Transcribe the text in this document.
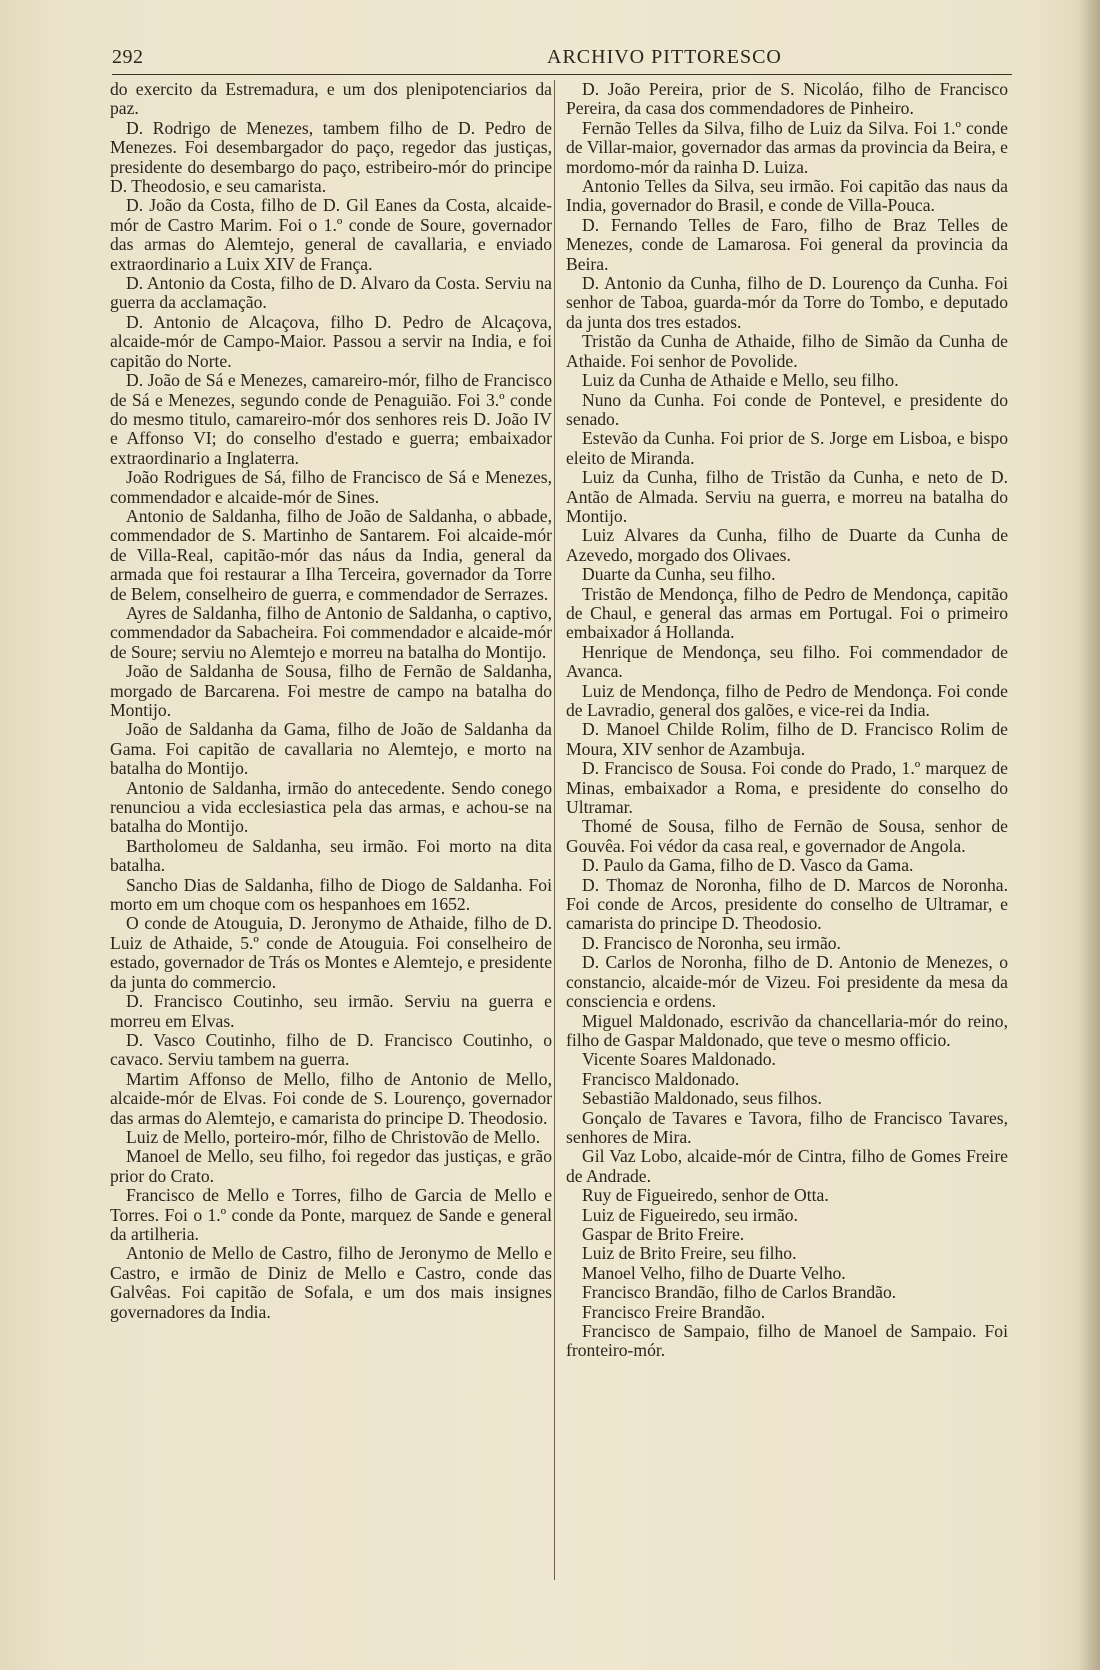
292	ARCHIVO PITTORESCO

do exercito da Estremadura, e um dos plenipotenciarios da paz.

D. Rodrigo de Menezes, tambem filho de D. Pedro de Menezes. Foi desembargador do paço, regedor das justiças, presidente do desembargo do paço, estribeiro-mór do principe D. Theodosio, e seu camarista.

D. João da Costa, filho de D. Gil Eanes da Costa, alcaide-mór de Castro Marim. Foi o 1.º conde de Soure, governador das armas do Alemtejo, general de cavallaria, e enviado extraordinario a Luix XIV de França.

D. Antonio da Costa, filho de D. Alvaro da Costa. Serviu na guerra da acclamação.

D. Antonio de Alcaçova, filho D. Pedro de Alcaçova, alcaide-mór de Campo-Maior. Passou a servir na India, e foi capitão do Norte.

D. João de Sá e Menezes, camareiro-mór, filho de Francisco de Sá e Menezes, segundo conde de Penaguião. Foi 3.º conde do mesmo titulo, camareiro-mór dos senhores reis D. João IV e Affonso VI; do conselho d'estado e guerra; embaixador extraordinario a Inglaterra.

João Rodrigues de Sá, filho de Francisco de Sá e Menezes, commendador e alcaide-mór de Sines.

Antonio de Saldanha, filho de João de Saldanha, o abbade, commendador de S. Martinho de Santarem. Foi alcaide-mór de Villa-Real, capitão-mór das náus da India, general da armada que foi restaurar a Ilha Terceira, governador da Torre de Belem, conselheiro de guerra, e commendador de Serrazes.

Ayres de Saldanha, filho de Antonio de Saldanha, o captivo, commendador da Sabacheira. Foi commendador e alcaide-mór de Soure; serviu no Alemtejo e morreu na batalha do Montijo.

João de Saldanha de Sousa, filho de Fernão de Saldanha, morgado de Barcarena. Foi mestre de campo na batalha do Montijo.

João de Saldanha da Gama, filho de João de Saldanha da Gama. Foi capitão de cavallaria no Alemtejo, e morto na batalha do Montijo.

Antonio de Saldanha, irmão do antecedente. Sendo conego renunciou a vida ecclesiastica pela das armas, e achou-se na batalha do Montijo.

Bartholomeu de Saldanha, seu irmão. Foi morto na dita batalha.

Sancho Dias de Saldanha, filho de Diogo de Saldanha. Foi morto em um choque com os hespanhoes em 1652.

O conde de Atouguia, D. Jeronymo de Athaide, filho de D. Luiz de Athaide, 5.º conde de Atouguia. Foi conselheiro de estado, governador de Trás os Montes e Alemtejo, e presidente da junta do commercio.

D. Francisco Coutinho, seu irmão. Serviu na guerra e morreu em Elvas.

D. Vasco Coutinho, filho de D. Francisco Coutinho, o cavaco. Serviu tambem na guerra.

Martim Affonso de Mello, filho de Antonio de Mello, alcaide-mór de Elvas. Foi conde de S. Lourenço, governador das armas do Alemtejo, e camarista do principe D. Theodosio.

Luiz de Mello, porteiro-mór, filho de Christovão de Mello.

Manoel de Mello, seu filho, foi regedor das justiças, e grão prior do Crato.

Francisco de Mello e Torres, filho de Garcia de Mello e Torres. Foi o 1.º conde da Ponte, marquez de Sande e general da artilheria.

Antonio de Mello de Castro, filho de Jeronymo de Mello e Castro, e irmão de Diniz de Mello e Castro, conde das Galvêas. Foi capitão de Sofala, e um dos mais insignes governadores da India.

D. João Pereira, prior de S. Nicoláo, filho de Francisco Pereira, da casa dos commendadores de Pinheiro.

Fernão Telles da Silva, filho de Luiz da Silva. Foi 1.º conde de Villar-maior, governador das armas da provincia da Beira, e mordomo-mór da rainha D. Luiza.

Antonio Telles da Silva, seu irmão. Foi capitão das naus da India, governador do Brasil, e conde de Villa-Pouca.

D. Fernando Telles de Faro, filho de Braz Telles de Menezes, conde de Lamarosa. Foi general da provincia da Beira.

D. Antonio da Cunha, filho de D. Lourenço da Cunha. Foi senhor de Taboa, guarda-mór da Torre do Tombo, e deputado da junta dos tres estados.

Tristão da Cunha de Athaide, filho de Simão da Cunha de Athaide. Foi senhor de Povolide.

Luiz da Cunha de Athaide e Mello, seu filho.

Nuno da Cunha. Foi conde de Pontevel, e presidente do senado.

Estevão da Cunha. Foi prior de S. Jorge em Lisboa, e bispo eleito de Miranda.

Luiz da Cunha, filho de Tristão da Cunha, e neto de D. Antão de Almada. Serviu na guerra, e morreu na batalha do Montijo.

Luiz Alvares da Cunha, filho de Duarte da Cunha de Azevedo, morgado dos Olivaes.

Duarte da Cunha, seu filho.

Tristão de Mendonça, filho de Pedro de Mendonça, capitão de Chaul, e general das armas em Portugal. Foi o primeiro embaixador á Hollanda.

Henrique de Mendonça, seu filho. Foi commendador de Avanca.

Luiz de Mendonça, filho de Pedro de Mendonça. Foi conde de Lavradio, general dos galões, e vice-rei da India.

D. Manoel Childe Rolim, filho de D. Francisco Rolim de Moura, XIV senhor de Azambuja.

D. Francisco de Sousa. Foi conde do Prado, 1.º marquez de Minas, embaixador a Roma, e presidente do conselho do Ultramar.

Thomé de Sousa, filho de Fernão de Sousa, senhor de Gouvêa. Foi védor da casa real, e governador de Angola.

D. Paulo da Gama, filho de D. Vasco da Gama.

D. Thomaz de Noronha, filho de D. Marcos de Noronha. Foi conde de Arcos, presidente do conselho de Ultramar, e camarista do principe D. Theodosio.

D. Francisco de Noronha, seu irmão.

D. Carlos de Noronha, filho de D. Antonio de Menezes, o constancio, alcaide-mór de Vizeu. Foi presidente da mesa da consciencia e ordens.

Miguel Maldonado, escrivão da chancellaria-mór do reino, filho de Gaspar Maldonado, que teve o mesmo officio.

Vicente Soares Maldonado.

Francisco Maldonado.

Sebastião Maldonado, seus filhos.

Gonçalo de Tavares e Tavora, filho de Francisco Tavares, senhores de Mira.

Gil Vaz Lobo, alcaide-mór de Cintra, filho de Gomes Freire de Andrade.

Ruy de Figueiredo, senhor de Otta.

Luiz de Figueiredo, seu irmão.

Gaspar de Brito Freire.

Luiz de Brito Freire, seu filho.

Manoel Velho, filho de Duarte Velho.

Francisco Brandão, filho de Carlos Brandão.

Francisco Freire Brandão.

Francisco de Sampaio, filho de Manoel de Sampaio. Foi fronteiro-mór.
